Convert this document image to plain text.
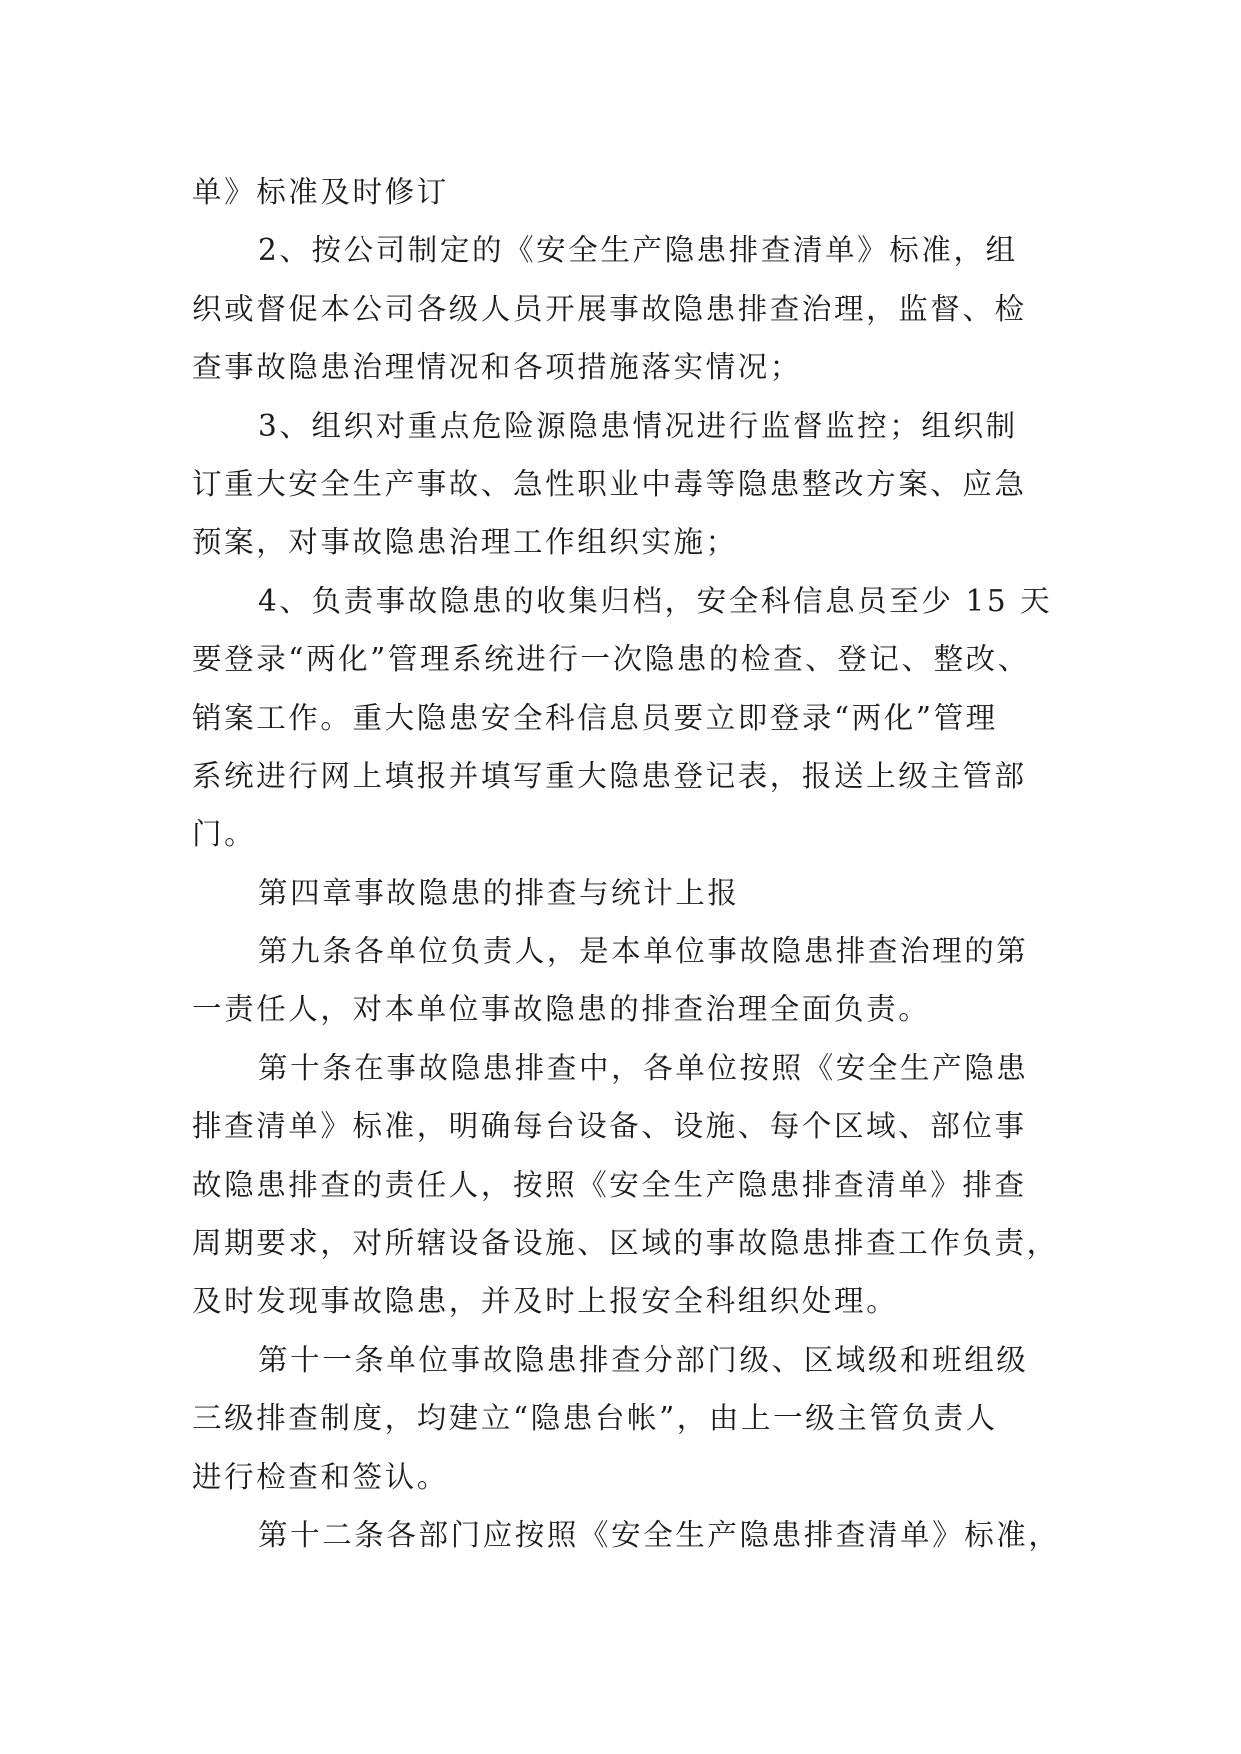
单》标准及时修订
2、按公司制定的《安全生产隐患排查清单》标准，组
织或督促本公司各级人员开展事故隐患排查治理，监督、检
查事故隐患治理情况和各项措施落实情况；
3、组织对重点危险源隐患情况进行监督监控；组织制
订重大安全生产事故、急性职业中毒等隐患整改方案、应急
预案，对事故隐患治理工作组织实施；
4、负责事故隐患的收集归档，安全科信息员至少 15 天
要登录“两化”管理系统进行一次隐患的检查、登记、整改、
销案工作。重大隐患安全科信息员要立即登录“两化”管理
系统进行网上填报并填写重大隐患登记表，报送上级主管部
门。
第四章事故隐患的排查与统计上报
第九条各单位负责人，是本单位事故隐患排查治理的第
一责任人，对本单位事故隐患的排查治理全面负责。
第十条在事故隐患排查中，各单位按照《安全生产隐患
排查清单》标准，明确每台设备、设施、每个区域、部位事
故隐患排查的责任人，按照《安全生产隐患排查清单》排查
周期要求，对所辖设备设施、区域的事故隐患排查工作负责，
及时发现事故隐患，并及时上报安全科组织处理。
第十一条单位事故隐患排查分部门级、区域级和班组级
三级排查制度，均建立“隐患台帐”，由上一级主管负责人
进行检查和签认。
第十二条各部门应按照《安全生产隐患排查清单》标准，
